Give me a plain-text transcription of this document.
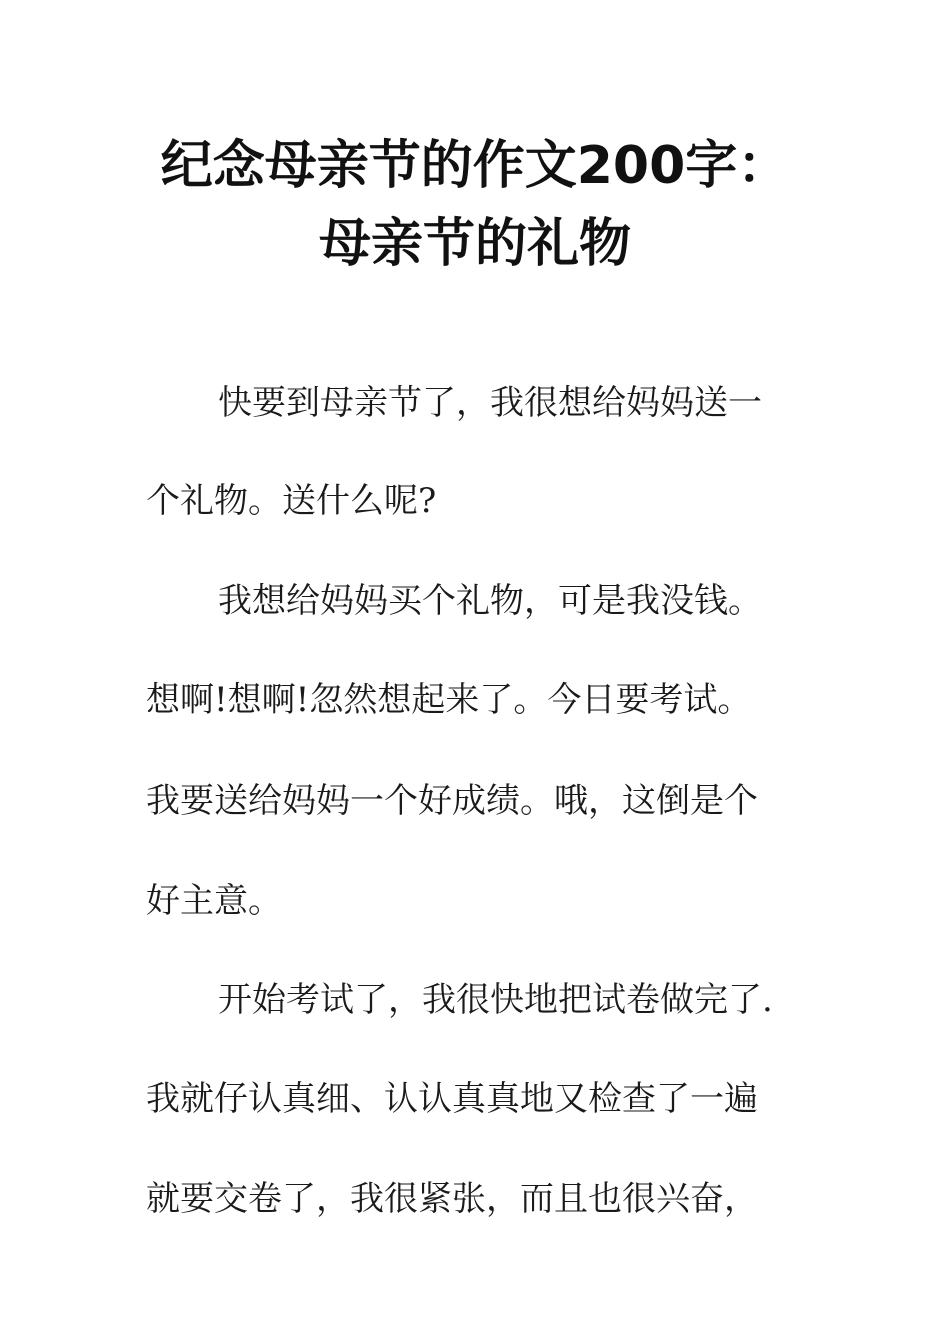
纪念母亲节的作文200字：
母亲节的礼物
快要到母亲节了，我很想给妈妈送一
个礼物。送什么呢?
我想给妈妈买个礼物，可是我没钱。
想啊!想啊!忽然想起来了。今日要考试。
我要送给妈妈一个好成绩。哦，这倒是个
好主意。
开始考试了，我很快地把试卷做完了.
我就仔认真细、认认真真地又检查了一遍
就要交卷了，我很紧张，而且也很兴奋，
